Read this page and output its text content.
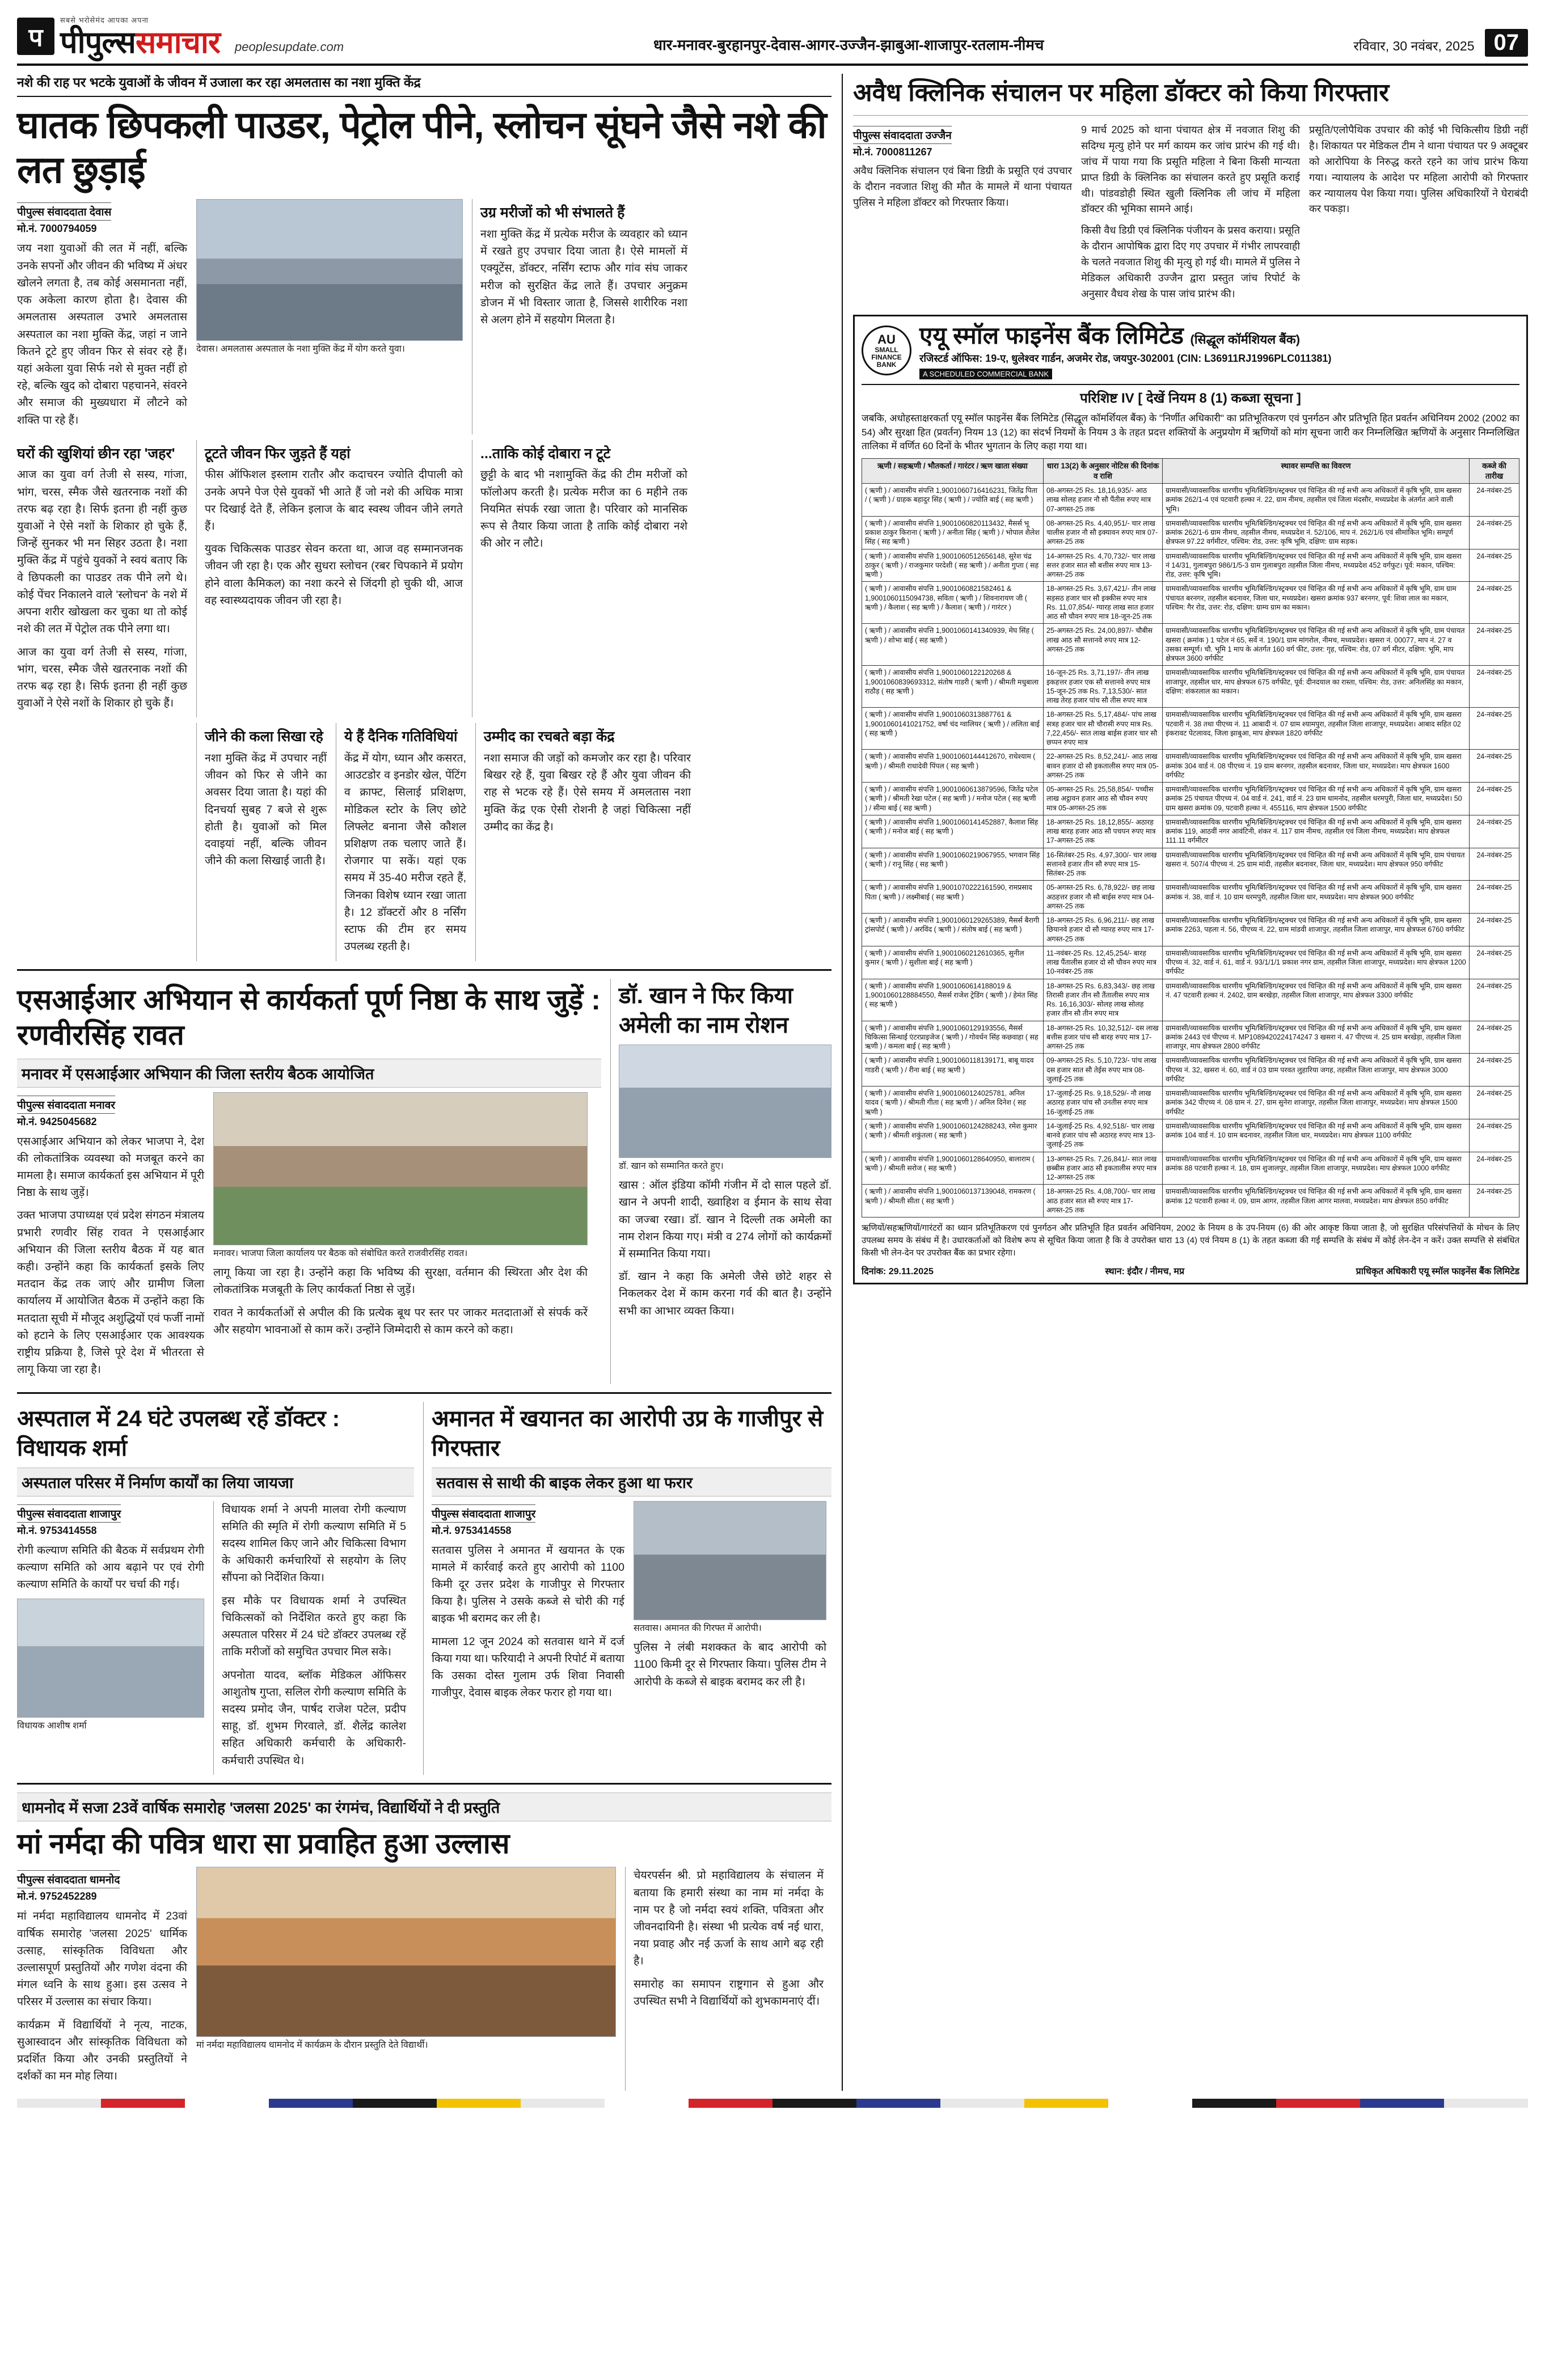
प
सबसे भरोसेमंद आपका अपना
पीपुल्ससमाचार peoplesupdate.com	धार-मनावर-बुरहानपुर-देवास-आगर-उज्जैन-झाबुआ-शाजापुर-रतलाम-नीमच	रविवार, 30 नवंबर, 2025 07
नशे की राह पर भटके युवाओं के जीवन में उजाला कर रहा अमलतास का नशा मुक्ति केंद्र
घातक छिपकली पाउडर, पेट्रोल पीने, स्लोचन सूंघने जैसे नशे की लत छुड़ाई
पीपुल्स संवाददाता देवास
मो.नं. 7000794059

जय नशा युवाओं की लत में नहीं, बल्कि उनके सपनों और जीवन की भविष्य में अंधर खोलने लगता है, तब कोई असमानता नहीं, एक अकेला कारण होता है। देवास की अमलतास अस्पताल उभारे अमलतास अस्पताल का नशा मुक्ति केंद्र, जहां न जाने कितने टूटे हुए जीवन फिर से संवर रहे हैं। यहां अकेला युवा सिर्फ नशे से मुक्त नहीं हो रहे, बल्कि खुद को दोबारा पहचानने, संवरने और समाज की मुख्यधारा में लौटने को शक्ति पा रहे हैं।

देवास। अमलतास अस्पताल के नशा मुक्ति केंद्र में योग करते युवा।
उग्र मरीजों को भी संभालते हैं

नशा मुक्ति केंद्र में प्रत्येक मरीज के व्यवहार को ध्यान में रखते हुए उपचार दिया जाता है। ऐसे मामलों में एक्यूटेंस, डॉक्टर, नर्सिंग स्टाफ और गांव संघ जाकर मरीज को सुरक्षित केंद्र लाते हैं। उपचार अनुक्रम डोजन में भी विस्तार जाता है, जिससे शारीरिक नशा से अलग होने में सहयोग मिलता है।

घरों की खुशियां छीन रहा 'जहर'

आज का युवा वर्ग तेजी से सस्य, गांजा, भांग, चरस, स्मैक जैसे खतरनाक नशों की तरफ बढ़ रहा है। सिर्फ इतना ही नहीं कुछ युवाओं ने ऐसे नशों के शिकार हो चुके हैं, जिन्हें सुनकर भी मन सिहर उठता है। नशा मुक्ति केंद्र में पहुंचे युवकों ने स्वयं बताए कि वे छिपकली का पाउडर तक पीने लगे थे। कोई पेंचर निकालने वाले 'स्लोचन' के नशे में अपना शरीर खोखला कर चुका था तो कोई नशे की लत में पेट्रोल तक पीने लगा था।

आज का युवा वर्ग तेजी से सस्य, गांजा, भांग, चरस, स्मैक जैसे खतरनाक नशों की तरफ बढ़ रहा है। सिर्फ इतना ही नहीं कुछ युवाओं ने ऐसे नशों के शिकार हो चुके हैं।

टूटते जीवन फिर जुड़ते हैं यहां

फीस ऑफिशल इस्लाम रातौर और कदाचरन ज्योति दीपाली को उनके अपने पेज ऐसे युवकों भी आते हैं जो नशे की अधिक मात्रा पर दिखाई देते हैं, लेकिन इलाज के बाद स्वस्थ जीवन जीने लगते हैं।

युवक चिकित्सक पाउडर सेवन करता था, आज वह सम्मानजनक जीवन जी रहा है। एक और सुधरा स्लोचन (रबर चिपकाने में प्रयोग होने वाला कैमिकल) का नशा करने से जिंदगी हो चुकी थी, आज वह स्वास्थ्यदायक जीवन जी रहा है।

...ताकि कोई दोबारा न टूटे

छुट्टी के बाद भी नशामुक्ति केंद्र की टीम मरीजों को फॉलोअप करती है। प्रत्येक मरीज का 6 महीने तक नियमित संपर्क रखा जाता है। परिवार को मानसिक रूप से तैयार किया जाता है ताकि कोई दोबारा नशे की ओर न लौटे।

जीने की कला सिखा रहे

नशा मुक्ति केंद्र में उपचार नहीं जीवन को फिर से जीने का अवसर दिया जाता है। यहां की दिनचर्या सुबह 7 बजे से शुरू होती है। युवाओं को मिल दवाइयां नहीं, बल्कि जीवन जीने की कला सिखाई जाती है।

ये हैं दैनिक गतिविधियां

केंद्र में योग, ध्यान और कसरत, आउटडोर व इनडोर खेल, पेंटिंग व क्राफ्ट, सिलाई प्रशिक्षण, मोडिकल स्टोर के लिए छोटे लिफ्लेट बनाना जैसे कौशल प्रशिक्षण तक चलाए जाते हैं। रोजगार पा सकें। यहां एक समय में 35-40 मरीज रहते हैं, जिनका विशेष ध्यान रखा जाता है। 12 डॉक्टरों और 8 नर्सिंग स्टाफ की टीम हर समय उपलब्ध रहती है।

उम्मीद का रचबते बड़ा केंद्र

नशा समाज की जड़ों को कमजोर कर रहा है। परिवार बिखर रहे हैं, युवा बिखर रहे हैं और युवा जीवन की राह से भटक रहे हैं। ऐसे समय में अमलतास नशा मुक्ति केंद्र एक ऐसी रोशनी है जहां चिकित्सा नहीं उम्मीद का केंद्र है।

एसआईआर अभियान से कार्यकर्ता पूर्ण निष्ठा के साथ जुड़ें : रणवीरसिंह रावत
मनावर में एसआईआर अभियान की जिला स्तरीय बैठक आयोजित
पीपुल्स संवाददाता मनावर
मो.नं. 9425045682

एसआईआर अभियान को लेकर भाजपा ने, देश की लोकतांत्रिक व्यवस्था को मजबूत करने का मामला है। समाज कार्यकर्ता इस अभियान में पूरी निष्ठा के साथ जुड़ें।

उक्त भाजपा उपाध्यक्ष एवं प्रदेश संगठन मंत्रालय प्रभारी रणवीर सिंह रावत ने एसआईआर अभियान की जिला स्तरीय बैठक में यह बात कही। उन्होंने कहा कि कार्यकर्ता इसके लिए मतदान केंद्र तक जाएं और ग्रामीण जिला कार्यालय में आयोजित बैठक में उन्होंने कहा कि मतदाता सूची में मौजूद अशुद्धियों एवं फर्जी नामों को हटाने के लिए एसआईआर एक आवश्यक राष्ट्रीय प्रक्रिया है, जिसे पूरे देश में भीतरता से लागू किया जा रहा है।

मनावर। भाजपा जिला कार्यालय पर बैठक को संबोधित करते राजवीरसिंह रावत।

लागू किया जा रहा है। उन्होंने कहा कि भविष्य की सुरक्षा, वर्तमान की स्थिरता और देश की लोकतांत्रिक मजबूती के लिए कार्यकर्ता निष्ठा से जुड़ें।

रावत ने कार्यकर्ताओं से अपील की कि प्रत्येक बूथ पर स्तर पर जाकर मतदाताओं से संपर्क करें और सहयोग भावनाओं से काम करें। उन्होंने जिम्मेदारी से काम करने को कहा।

डॉ. खान ने फिर किया अमेली का नाम रोशन
डॉ. खान को सम्मानित करते हुए।

खास : ऑल इंडिया कॉमी गंजीन में दो साल पहले डॉ. खान ने अपनी शादी, ख्वाहिश व ईमान के साथ सेवा का जज्बा रखा। डॉ. खान ने दिल्ली तक अमेली का नाम रोशन किया गए। मंत्री व 274 लोगों को कार्यक्रमों में सम्मानित किया गया।

डॉ. खान ने कहा कि अमेली जैसे छोटे शहर से निकलकर देश में काम करना गर्व की बात है। उन्होंने सभी का आभार व्यक्त किया।

अस्पताल में 24 घंटे उपलब्ध रहें डॉक्टर : विधायक शर्मा
अस्पताल परिसर में निर्माण कार्यों का लिया जायजा
पीपुल्स संवाददाता शाजापुर
मो.नं. 9753414558

रोगी कल्याण समिति की बैठक में सर्वप्रथम रोगी कल्याण समिति को आय बढ़ाने पर एवं रोगी कल्याण समिति के कार्यों पर चर्चा की गई।

विधायक आशीष शर्मा

विधायक शर्मा ने अपनी मालवा रोगी कल्याण समिति की स्मृति में रोगी कल्याण समिति में 5 सदस्य शामिल किए जाने और चिकित्सा विभाग के अधिकारी कर्मचारियों से सहयोग के लिए सौंपना को निर्देशित किया।

इस मौके पर विधायक शर्मा ने उपस्थित चिकित्सकों को निर्देशित करते हुए कहा कि अस्पताल परिसर में 24 घंटे डॉक्टर उपलब्ध रहें ताकि मरीजों को समुचित उपचार मिल सके।

अपनोता यादव, ब्लॉक मेडिकल ऑफिसर आशुतोष गुप्ता, सलिल रोगी कल्याण समिति के सदस्य प्रमोद जैन, पार्षद राजेश पटेल, प्रदीप साहू, डॉ. शुभम गिरवाले, डॉ. शैलेंद्र कालेश सहित अधिकारी कर्मचारी के अधिकारी-कर्मचारी उपस्थित थे।

अमानत में खयानत का आरोपी उप्र के गाजीपुर से गिरफ्तार
सतवास से साथी की बाइक लेकर हुआ था फरार
पीपुल्स संवाददाता शाजापुर
मो.नं. 9753414558

सतवास पुलिस ने अमानत में खयानत के एक मामले में कार्रवाई करते हुए आरोपी को 1100 किमी दूर उत्तर प्रदेश के गाजीपुर से गिरफ्तार किया है। पुलिस ने उसके कब्जे से चोरी की गई बाइक भी बरामद कर ली है।

मामला 12 जून 2024 को सतवास थाने में दर्ज किया गया था। फरियादी ने अपनी रिपोर्ट में बताया कि उसका दोस्त गुलाम उर्फ शिवा निवासी गाजीपुर, देवास बाइक लेकर फरार हो गया था।

सतवास। अमानत की गिरफ्त में आरोपी।

पुलिस ने लंबी मशक्कत के बाद आरोपी को 1100 किमी दूर से गिरफ्तार किया। पुलिस टीम ने आरोपी के कब्जे से बाइक बरामद कर ली है।

धामनोद में सजा 23वें वार्षिक समारोह 'जलसा 2025' का रंगमंच, विद्यार्थियों ने दी प्रस्तुति
मां नर्मदा की पवित्र धारा सा प्रवाहित हुआ उल्लास
पीपुल्स संवाददाता धामनोद
मो.नं. 9752452289

मां नर्मदा महाविद्यालय धामनोद में 23वां वार्षिक समारोह 'जलसा 2025' धार्मिक उत्साह, सांस्कृतिक विविधता और उल्लासपूर्ण प्रस्तुतियों और गणेश वंदना की मंगल ध्वनि के साथ हुआ। इस उत्सव ने परिसर में उल्लास का संचार किया।

कार्यक्रम में विद्यार्थियों ने नृत्य, नाटक, सुआस्वादन और सांस्कृतिक विविधता को प्रदर्शित किया और उनकी प्रस्तुतियों ने दर्शकों का मन मोह लिया।

मां नर्मदा महाविद्यालय धामनोद में कार्यक्रम के दौरान प्रस्तुति देते विद्यार्थी।

चेयरपर्सन श्री. प्रो महाविद्यालय के संचालन में बताया कि हमारी संस्था का नाम मां नर्मदा के नाम पर है जो नर्मदा स्वयं शक्ति, पवित्रता और जीवनदायिनी है। संस्था भी प्रत्येक वर्ष नई धारा, नया प्रवाह और नई ऊर्जा के साथ आगे बढ़ रही है।

समारोह का समापन राष्ट्रगान से हुआ और उपस्थित सभी ने विद्यार्थियों को शुभकामनाएं दीं।

अवैध क्लिनिक संचालन पर महिला डॉक्टर को किया गिरफ्तार
पीपुल्स संवाददाता उज्जैन
मो.नं. 7000811267

अवैध क्लिनिक संचालन एवं बिना डिग्री के प्रसूति एवं उपचार के दौरान नवजात शिशु की मौत के मामले में थाना पंचायत पुलिस ने महिला डॉक्टर को गिरफ्तार किया।

9 मार्च 2025 को थाना पंचायत क्षेत्र में नवजात शिशु की सदिग्ध मृत्यु होने पर मर्ग कायम कर जांच प्रारंभ की गई थी। जांच में पाया गया कि प्रसूति महिला ने बिना किसी मान्यता प्राप्त डिग्री के क्लिनिक का संचालन करते हुए प्रसूति कराई थी। पांडवडोही स्थित खुली क्लिनिक ली जांच में महिला डॉक्टर की भूमिका सामने आई।

किसी वैध डिग्री एवं क्लिनिक पंजीयन के प्रसव कराया। प्रसूति के दौरान आपोषिक द्वारा दिए गए उपचार में गंभीर लापरवाही के चलते नवजात शिशु की मृत्यु हो गई थी। मामले में पुलिस ने मेडिकल अधिकारी उज्जैन द्वारा प्रस्तुत जांच रिपोर्ट के अनुसार वैधव शेख के पास जांच प्रारंभ की।

प्रसूति/एलोपैथिक उपचार की कोई भी चिकित्सीय डिग्री नहीं है। शिकायत पर मेडिकल टीम ने थाना पंचायत पर 9 अक्टूबर को आरोपिया के निरुद्ध करते रहने का जांच प्रारंभ किया गया। न्यायालय के आदेश पर महिला आरोपी को गिरफ्तार कर न्यायालय पेश किया गया। पुलिस अधिकारियों ने घेराबंदी कर पकड़ा।

AU
SMALL FINANCE BANK
एयू स्मॉल फाइनेंस बैंक लिमिटेड (सिद्धूल कॉर्मशियल बैंक)
रजिस्टर्ड ऑफिस: 19-ए, धुलेश्वर गार्डन, अजमेर रोड, जयपुर-302001 (CIN: L36911RJ1996PLC011381)
A SCHEDULED COMMERCIAL BANK
परिशिष्ट IV [ देखें नियम 8 (1) कब्जा सूचना ]
जबकि, अधोहस्ताक्षरकर्ता एयू स्मॉल फाइनेंस बैंक लिमिटेड (सिद्धूल कॉमर्शियल बैंक) के "निर्णीत अधिकारी" का प्रतिभूतिकरण एवं पुनर्गठन और प्रतिभूति हित प्रवर्तन अधिनियम 2002 (2002 का 54) और सुरक्षा हित (प्रवर्तन) नियम 13 (12) का संदर्भ नियमों के नियम 3 के तहत प्रदत्त शक्तियों के अनुप्रयोग में ऋणियों को मांग सूचना जारी कर निम्नलिखित ऋणियों के अनुसार निम्नलिखित तालिका में वर्णित 60 दिनों के भीतर भुगतान के लिए कहा गया था।
ऋणी / सहऋणी / भौतकर्ता / गारंटर / ऋण खाता संख्या	धारा 13(2) के अनुसार नोटिस की दिनांक व राशि	स्थावर सम्पत्ति का विवरण	कब्जे की तारीख
( ऋणी ) / आवासीय संपत्ति 1,9001060716416231, जितेंद्र पिता / ( ऋणी ) / ग्राहक बहादुर सिंह ( ऋणी ) / ज्योति बाई ( सह ऋणी )	08-अगस्त-25 Rs. 18,16,935/- आठ लाख सोलह हजार नौ सौ पैंतीस रुपए मात्र 07-अगस्त-25 तक	ग्रामवासी/व्यावसायिक धारणीय भूमि/बिल्डिंग/स्ट्रक्चर एवं चिन्हित की गई सभी अन्य अधिकारों में कृषि भूमि, ग्राम खसरा क्रमांक 262/1-4 एवं पटवारी हल्का नं. 22, ग्राम नीमच, तहसील एवं जिला मंदसौर, मध्यप्रदेश के अंतर्गत आने वाली भूमि।	24-नवंबर-25
( ऋणी ) / आवासीय संपत्ति 1,9001060820113432, मैसर्स भू प्रकाश ठाकुर किराना ( ऋणी ) / अनीता सिंह ( ऋणी ) / भोपाल शैलेश सिंह ( सह ऋणी )	08-अगस्त-25 Rs. 4,40,951/- चार लाख चालीस हजार नौ सौ इक्यावन रुपए मात्र 07-अगस्त-25 तक	ग्रामवासी/व्यावसायिक धारणीय भूमि/बिल्डिंग/स्ट्रक्चर एवं चिन्हित की गई सभी अन्य अधिकारों में कृषि भूमि, ग्राम खसरा क्रमांक 262/1-6 ग्राम नीमच, तहसील नीमच, मध्यप्रदेश नं. 52/106, माप नं. 262/1/6 एवं सीमांकित भूमि। सम्पूर्ण क्षेत्रफल 97.22 वर्गमीटर, पश्चिम: रोड, उत्तर: कृषि भूमि, दक्षिण: ग्राम सड़क।	24-नवंबर-25
( ऋणी ) / आवासीय संपत्ति 1,9001060512656148, सुरेश चंद्र ठाकुर ( ऋणी ) / राजकुमार परदेशी ( सह ऋणी ) / अनीता गुप्ता ( सह ऋणी )	14-अगस्त-25 Rs. 4,70,732/- चार लाख सत्तर हजार सात सौ बत्तीस रुपए मात्र 13-अगस्त-25 तक	ग्रामवासी/व्यावसायिक धारणीय भूमि/बिल्डिंग/स्ट्रक्चर एवं चिन्हित की गई सभी अन्य अधिकारों में कृषि भूमि, ग्राम खसरा नं 14/31, गुलाबपुरा 986/1/5-3 ग्राम गुलाबपुरा तहसील जिला नीमच, मध्यप्रदेश 452 वर्गफुट। पूर्व: मकान, पश्चिम: रोड, उत्तर: कृषि भूमि।	24-नवंबर-25
( ऋणी ) / आवासीय संपत्ति 1,9001060821582461 & 1,9001060115094738, सविता ( ऋणी ) / शिवनारायण जी ( ऋणी ) / कैलाश ( सह ऋणी ) / कैलाश ( ऋणी ) / गारंटर )	18-अगस्त-25 Rs. 3,67,421/- तीन लाख सड़सठ हजार चार सौ इक्कीस रुपए मात्र Rs. 11,07,854/- ग्यारह लाख सात हजार आठ सौ चौवन रुपए मात्र 18-जून-25 तक	ग्रामवासी/व्यावसायिक धारणीय भूमि/बिल्डिंग/स्ट्रक्चर एवं चिन्हित की गई सभी अन्य अधिकारों में कृषि भूमि, ग्राम ग्राम पंचायत बरनगर, तहसील बदनावर, जिला धार, मध्यप्रदेश। खसरा क्रमांक 937 बरनगर, पूर्व: शिवा लाल का मकान, पश्चिम: गैर रोड, उत्तर: रोड, दक्षिण: ग्राम्य ग्राम का मकान।	24-नवंबर-25
( ऋणी ) / आवासीय संपत्ति 1,9001060141340939, मेघ सिंह ( ऋणी ) / शोभा बाई ( सह ऋणी )	25-अगस्त-25 Rs. 24,00,897/- चौबीस लाख आठ सौ सत्तानवे रुपए मात्र 12-अगस्त-25 तक	ग्रामवासी/व्यावसायिक धारणीय भूमि/बिल्डिंग/स्ट्रक्चर एवं चिन्हित की गई सभी अन्य अधिकारों में कृषि भूमि, ग्राम पंचायत खसरा ( क्रमांक ) 1 पटेल नं 65, सर्वे नं. 190/1 ग्राम मांगरोल, नीमच, मध्यप्रदेश। खसरा नं. 00077, माप नं. 27 व उसका सम्पूर्ण। चौ. भूमि 1 माप के अंतर्गत 160 वर्ग फीट, उत्तर: गृह, पश्चिम: रोड, 07 वर्ग मीटर, दक्षिण: भूमि, माप क्षेत्रफल 3600 वर्गफीट	24-नवंबर-25
( ऋणी ) / आवासीय संपत्ति 1,9001060122120268 & 1,9001060839693312, संतोष गाडरी ( ऋणी ) / श्रीमती मधुबाला राठौड़ ( सह ऋणी )	16-जून-25 Rs. 3,71,197/- तीन लाख इकहत्तर हजार एक सौ सत्तानवे रुपए मात्र 15-जून-25 तक Rs. 7,13,530/- सात लाख तेरह हजार पांच सौ तीस रुपए मात्र	ग्रामवासी/व्यावसायिक धारणीय भूमि/बिल्डिंग/स्ट्रक्चर एवं चिन्हित की गई सभी अन्य अधिकारों में कृषि भूमि, ग्राम पंचायत शाजापुर, तहसील धार, माप क्षेत्रफल 675 वर्गफीट, पूर्व: दीनदयाल का रास्ता, पश्चिम: रोड, उत्तर: अनिलसिंह का मकान, दक्षिण: शंकरलाल का मकान।	24-नवंबर-25
( ऋणी ) / आवासीय संपत्ति 1,9001060313887761 & 1,9001060141021752, वर्षा चंद ग्वालियर ( ऋणी ) / ललिता बाई ( सह ऋणी )	18-अगस्त-25 Rs. 5,17,484/- पांच लाख सत्रह हजार चार सौ चौरासी रुपए मात्र Rs. 7,22,456/- सात लाख बाईस हजार चार सौ छप्पन रुपए मात्र	ग्रामवासी/व्यावसायिक धारणीय भूमि/बिल्डिंग/स्ट्रक्चर एवं चिन्हित की गई सभी अन्य अधिकारों में कृषि भूमि, ग्राम खसरा पटवारी नं. 38 तथा पीएच्य नं. 11 आबादी नं. 07 ग्राम श्यामपुरा, तहसील जिला शाजापुर, मध्यप्रदेश। आबाद सहित 02 इंकरावट पेटलावद, जिला झाबुआ, माप क्षेत्रफल 1820 वर्गफीट	24-नवंबर-25
( ऋणी ) / आवासीय संपत्ति 1,9001060144412670, राधेश्याम ( ऋणी ) / श्रीमती राधादेवी पिंपल ( सह ऋणी )	22-अगस्त-25 Rs. 8,52,241/- आठ लाख बावन हजार दो सौ इकतालीस रुपए मात्र 05-अगस्त-25 तक	ग्रामवासी/व्यावसायिक धारणीय भूमि/बिल्डिंग/स्ट्रक्चर एवं चिन्हित की गई सभी अन्य अधिकारों में कृषि भूमि, ग्राम खसरा क्रमांक 304 वार्ड नं. 08 पीएच्य नं. 19 ग्राम बरनगर, तहसील बदनावर, जिला धार, मध्यप्रदेश। माप क्षेत्रफल 1600 वर्गफीट	24-नवंबर-25
( ऋणी ) / आवासीय संपत्ति 1,9001060613879596, जितेंद्र पटेल ( ऋणी ) / श्रीमती रेखा पटेल ( सह ऋणी ) / मनोज पटेल ( सह ऋणी ) / सीमा बाई ( सह ऋणी )	05-अगस्त-25 Rs. 25,58,854/- पच्चीस लाख अट्ठावन हजार आठ सौ चौवन रुपए मात्र 05-अगस्त-25 तक	ग्रामवासी/व्यावसायिक धारणीय भूमि/बिल्डिंग/स्ट्रक्चर एवं चिन्हित की गई सभी अन्य अधिकारों में कृषि भूमि, ग्राम खसरा क्रमांक 25 पंचायत पीएच्य नं. 04 वार्ड नं. 241, वार्ड नं. 23 ग्राम धामनोद, तहसील धरमपुरी, जिला धार, मध्यप्रदेश। 50 ग्राम खसरा क्रमांक 09, पटवारी हल्का नं. 455116, माप क्षेत्रफल 1500 वर्गफीट	24-नवंबर-25
( ऋणी ) / आवासीय संपत्ति 1,9001060141452887, कैलाश सिंह ( ऋणी ) / मनोज बाई ( सह ऋणी )	18-अगस्त-25 Rs. 18,12,855/- अठारह लाख बारह हजार आठ सौ पचपन रुपए मात्र 17-अगस्त-25 तक	ग्रामवासी/व्यावसायिक धारणीय भूमि/बिल्डिंग/स्ट्रक्चर एवं चिन्हित की गई सभी अन्य अधिकारों में कृषि भूमि, ग्राम खसरा क्रमांक 119, आठवीं नगर आवंटिनी, शंकर नं. 117 ग्राम नीमच, तहसील एवं जिला नीमच, मध्यप्रदेश। माप क्षेत्रफल 111.11 वर्गमीटर	24-नवंबर-25
( ऋणी ) / आवासीय संपत्ति 1,9001060219067955, भगवान सिंह ( ऋणी ) / रानू सिंह ( सह ऋणी )	16-सितंबर-25 Rs. 4,97,300/- चार लाख सत्तानवे हजार तीन सौ रुपए मात्र 15-सितंबर-25 तक	ग्रामवासी/व्यावसायिक धारणीय भूमि/बिल्डिंग/स्ट्रक्चर एवं चिन्हित की गई सभी अन्य अधिकारों में कृषि भूमि, ग्राम पंचायत खसरा नं. 507/4 पीएच्य नं. 25 ग्राम मांदी, तहसील बदनावर, जिला धार, मध्यप्रदेश। माप क्षेत्रफल 950 वर्गफीट	24-नवंबर-25
( ऋणी ) / आवासीय संपत्ति 1,9001070222161590, रामप्रसाद पिता ( ऋणी ) / लक्ष्मीबाई ( सह ऋणी )	05-अगस्त-25 Rs. 6,78,922/- छह लाख अठहत्तर हजार नौ सौ बाईस रुपए मात्र 04-अगस्त-25 तक	ग्रामवासी/व्यावसायिक धारणीय भूमि/बिल्डिंग/स्ट्रक्चर एवं चिन्हित की गई सभी अन्य अधिकारों में कृषि भूमि, ग्राम खसरा क्रमांक नं. 38, वार्ड नं. 10 ग्राम धरमपुरी, तहसील जिला धार, मध्यप्रदेश। माप क्षेत्रफल 900 वर्गफीट	24-नवंबर-25
( ऋणी ) / आवासीय संपत्ति 1,9001060129265389, मैसर्स बैरागी ट्रांसपोर्ट ( ऋणी ) / अरविंद ( ऋणी ) / संतोष बाई ( सह ऋणी )	18-अगस्त-25 Rs. 6,96,211/- छह लाख छियानवे हजार दो सौ ग्यारह रुपए मात्र 17-अगस्त-25 तक	ग्रामवासी/व्यावसायिक धारणीय भूमि/बिल्डिंग/स्ट्रक्चर एवं चिन्हित की गई सभी अन्य अधिकारों में कृषि भूमि, ग्राम खसरा क्रमांक 2263, पहला नं. 56, पीएच्य नं. 22, ग्राम मांडवी शाजापुर, तहसील जिला शाजापुर, माप क्षेत्रफल 6760 वर्गफीट	24-नवंबर-25
( ऋणी ) / आवासीय संपत्ति 1,9001060212610365, सुनील कुमार ( ऋणी ) / सुशीला बाई ( सह ऋणी )	11-नवंबर-25 Rs. 12,45,254/- बारह लाख पैंतालीस हजार दो सौ चौवन रुपए मात्र 10-नवंबर-25 तक	ग्रामवासी/व्यावसायिक धारणीय भूमि/बिल्डिंग/स्ट्रक्चर एवं चिन्हित की गई सभी अन्य अधिकारों में कृषि भूमि, ग्राम खसरा पीएच्य नं. 32, वार्ड नं. 61, वार्ड नं. 93/1/1/1 प्रकाश नगर ग्राम, तहसील जिला शाजापुर, मध्यप्रदेश। माप क्षेत्रफल 1200 वर्गफीट	24-नवंबर-25
( ऋणी ) / आवासीय संपत्ति 1,9001060614188019 & 1,9001060128884550, मैसर्स राजेश ट्रेडिंग ( ऋणी ) / हेमंत सिंह ( सह ऋणी )	18-अगस्त-25 Rs. 6,83,343/- छह लाख तिरासी हजार तीन सौ तैंतालीस रुपए मात्र Rs. 16,16,303/- सोलह लाख सोलह हजार तीन सौ तीन रुपए मात्र	ग्रामवासी/व्यावसायिक धारणीय भूमि/बिल्डिंग/स्ट्रक्चर एवं चिन्हित की गई सभी अन्य अधिकारों में कृषि भूमि, ग्राम खसरा नं. 47 पटवारी हल्का नं. 2402, ग्राम बरखेड़ा, तहसील जिला शाजापुर, माप क्षेत्रफल 3300 वर्गफीट	24-नवंबर-25
( ऋणी ) / आवासीय संपत्ति 1,9001060129193556, मैसर्स चिकित्सा सिन्धाई एंटरप्राइजेज ( ऋणी ) / गोवर्धन सिंह कछवाहा ( सह ऋणी ) / कमला बाई ( सह ऋणी )	18-अगस्त-25 Rs. 10,32,512/- दस लाख बत्तीस हजार पांच सौ बारह रुपए मात्र 17-अगस्त-25 तक	ग्रामवासी/व्यावसायिक धारणीय भूमि/बिल्डिंग/स्ट्रक्चर एवं चिन्हित की गई सभी अन्य अधिकारों में कृषि भूमि, ग्राम खसरा क्रमांक 2443 एवं पीएच्य नं. MP1089420224174247 3 खसरा नं. 47 पीएच्य नं. 25 ग्राम बरखेड़ा, तहसील जिला शाजापुर, माप क्षेत्रफल 2800 वर्गफीट	24-नवंबर-25
( ऋणी ) / आवासीय संपत्ति 1,9001060118139171, बाबू यादव गाडरी ( ऋणी ) / रीना बाई ( सह ऋणी )	09-अगस्त-25 Rs. 5,10,723/- पांच लाख दस हजार सात सौ तेईस रुपए मात्र 08-जुलाई-25 तक	ग्रामवासी/व्यावसायिक धारणीय भूमि/बिल्डिंग/स्ट्रक्चर एवं चिन्हित की गई सभी अन्य अधिकारों में कृषि भूमि, ग्राम खसरा पीएच्य नं. 32, खसरा नं. 60, वार्ड नं 03 ग्राम परवत लुहारिया जगह, तहसील जिला शाजापुर, माप क्षेत्रफल 3000 वर्गफीट	24-नवंबर-25
( ऋणी ) / आवासीय संपत्ति 1,9001060124025781, अनिल यादव ( ऋणी ) / श्रीमती गीता ( सह ऋणी ) / अनिल दिनेश ( सह ऋणी )	17-जुलाई-25 Rs. 9,18,529/- नौ लाख अठारह हजार पांच सौ उनतीस रुपए मात्र 16-जुलाई-25 तक	ग्रामवासी/व्यावसायिक धारणीय भूमि/बिल्डिंग/स्ट्रक्चर एवं चिन्हित की गई सभी अन्य अधिकारों में कृषि भूमि, ग्राम खसरा क्रमांक 342 पीएच्य नं. 08 ग्राम नं. 27, ग्राम सुनेरा शाजापुर, तहसील जिला शाजापुर, मध्यप्रदेश। माप क्षेत्रफल 1500 वर्गफीट	24-नवंबर-25
( ऋणी ) / आवासीय संपत्ति 1,9001060124288243, रमेश कुमार ( ऋणी ) / श्रीमती शकुंतला ( सह ऋणी )	14-जुलाई-25 Rs. 4,92,518/- चार लाख बानवे हजार पांच सौ अठारह रुपए मात्र 13-जुलाई-25 तक	ग्रामवासी/व्यावसायिक धारणीय भूमि/बिल्डिंग/स्ट्रक्चर एवं चिन्हित की गई सभी अन्य अधिकारों में कृषि भूमि, ग्राम खसरा क्रमांक 104 वार्ड नं. 10 ग्राम बदनावर, तहसील जिला धार, मध्यप्रदेश। माप क्षेत्रफल 1100 वर्गफीट	24-नवंबर-25
( ऋणी ) / आवासीय संपत्ति 1,9001060128640950, बालाराम ( ऋणी ) / श्रीमती सरोज ( सह ऋणी )	13-अगस्त-25 Rs. 7,26,841/- सात लाख छब्बीस हजार आठ सौ इकतालीस रुपए मात्र 12-अगस्त-25 तक	ग्रामवासी/व्यावसायिक धारणीय भूमि/बिल्डिंग/स्ट्रक्चर एवं चिन्हित की गई सभी अन्य अधिकारों में कृषि भूमि, ग्राम खसरा क्रमांक 88 पटवारी हल्का नं. 18, ग्राम शुजालपुर, तहसील जिला शाजापुर, मध्यप्रदेश। माप क्षेत्रफल 1000 वर्गफीट	24-नवंबर-25
( ऋणी ) / आवासीय संपत्ति 1,9001060137139048, रामकरण ( ऋणी ) / श्रीमती सीता ( सह ऋणी )	18-अगस्त-25 Rs. 4,08,700/- चार लाख आठ हजार सात सौ रुपए मात्र 17-अगस्त-25 तक	ग्रामवासी/व्यावसायिक धारणीय भूमि/बिल्डिंग/स्ट्रक्चर एवं चिन्हित की गई सभी अन्य अधिकारों में कृषि भूमि, ग्राम खसरा क्रमांक 12 पटवारी हल्का नं. 09, ग्राम आगर, तहसील जिला आगर मालवा, मध्यप्रदेश। माप क्षेत्रफल 850 वर्गफीट	24-नवंबर-25
ऋणियों/सहऋणियों/गारंटरों का ध्यान प्रतिभूतिकरण एवं पुनर्गठन और प्रतिभूति हित प्रवर्तन अधिनियम, 2002 के नियम 8 के उप-नियम (6) की ओर आकृष्ट किया जाता है, जो सुरक्षित परिसंपत्तियों के मोचन के लिए उपलब्ध समय के संबंध में है। उधारकर्ताओं को विशेष रूप से सूचित किया जाता है कि वे उपरोक्त धारा 13 (4) एवं नियम 8 (1) के तहत कब्जा की गई सम्पत्ति के संबंध में कोई लेन-देन न करें। उक्त सम्पत्ति से संबंधित किसी भी लेन-देन पर उपरोक्त बैंक का प्रभार रहेगा।
दिनांक: 29.11.2025	स्थान: इंदौर / नीमच, मप्र	प्राधिकृत अधिकारी एयू स्मॉल फाइनेंस बैंक लिमिटेड
